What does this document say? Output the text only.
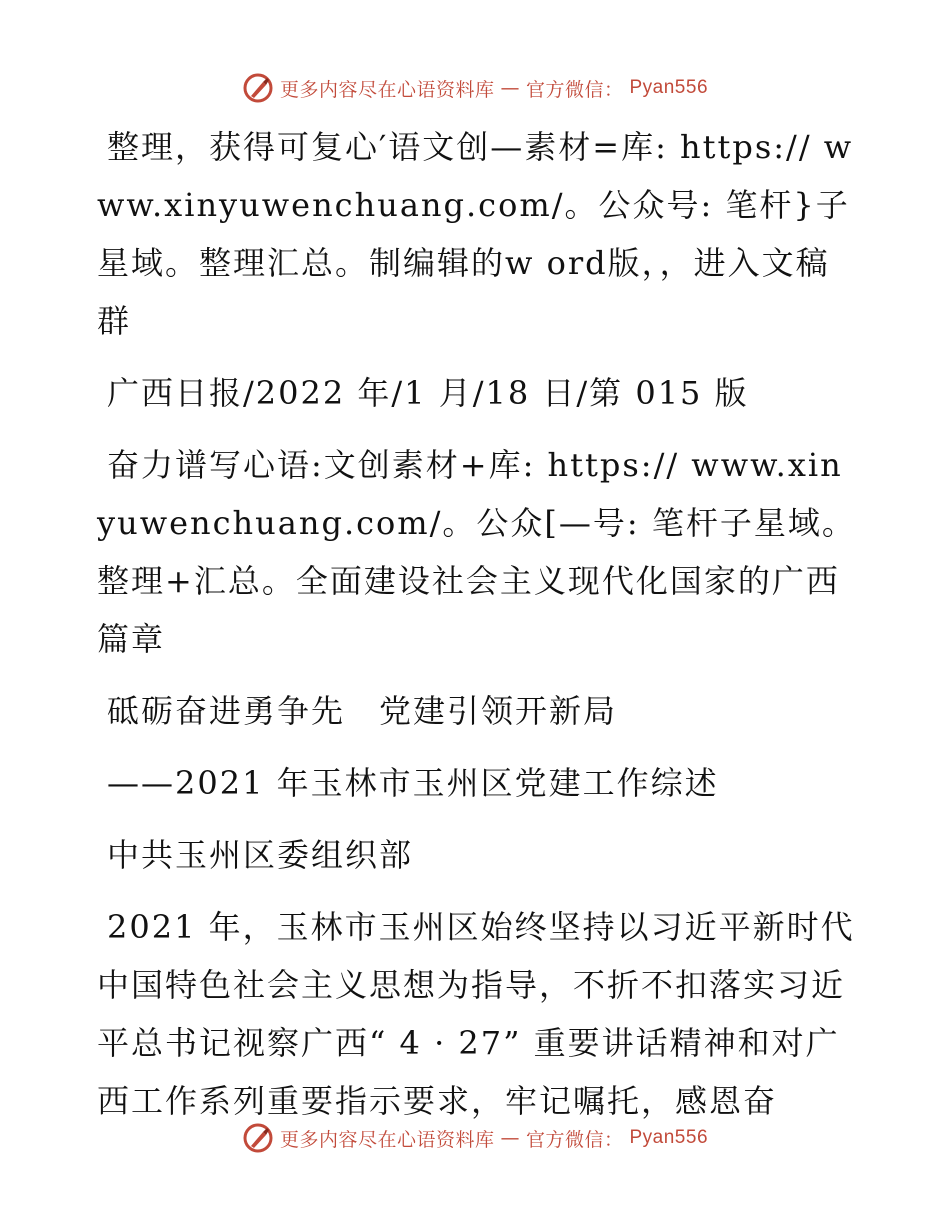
更多内容尽在心语资料库 — 官方微信： Pyan556

整理，获得可复心′语文创—素材=库: https:// www.xinyuwenchuang.com/。公众号: 笔杆}子星域。整理汇总。制编辑的w ord版，，进入文稿群

广西日报/2022 年/1 月/18 日/第 015 版

奋力谱写心语:文创素材+库: https:// www.xinyuwenchuang.com/。公众[—号: 笔杆子星域。整理+汇总。全面建设社会主义现代化国家的广西篇章

砥砺奋进勇争先　党建引领开新局

——2021 年玉林市玉州区党建工作综述

中共玉州区委组织部

2021 年，玉林市玉州区始终坚持以习近平新时代中国特色社会主义思想为指导，不折不扣落实习近平总书记视察广西“ 4 · 27” 重要讲话精神和对广西工作系列重要指示要求，牢记嘱托，感恩奋

更多内容尽在心语资料库 — 官方微信： Pyan556
